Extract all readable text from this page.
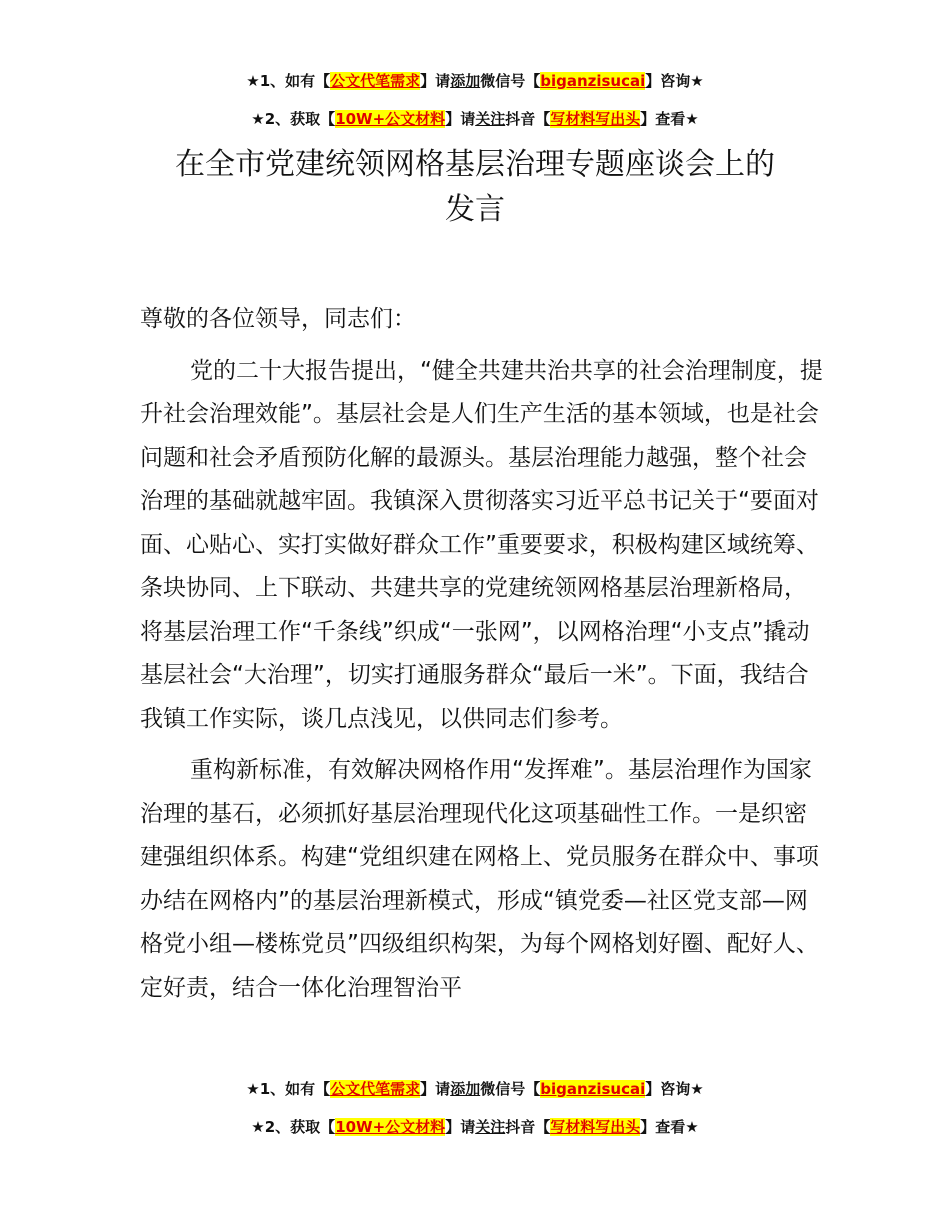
★1、如有【公文代笔需求】请添加微信号【biganzisucai】咨询★
★2、获取【10W+公文材料】请关注抖音【写材料写出头】查看★
在全市党建统领网格基层治理专题座谈会上的
发言

尊敬的各位领导，同志们：

党的二十大报告提出，“健全共建共治共享的社会治理制度，提升社会治理效能”。基层社会是人们生产生活的基本领域，也是社会问题和社会矛盾预防化解的最源头。基层治理能力越强，整个社会治理的基础就越牢固。我镇深入贯彻落实习近平总书记关于“要面对面、心贴心、实打实做好群众工作”重要要求，积极构建区域统筹、条块协同、上下联动、共建共享的党建统领网格基层治理新格局，将基层治理工作“千条线”织成“一张网”，以网格治理“小支点”撬动基层社会“大治理”，切实打通服务群众“最后一米”。下面，我结合我镇工作实际，谈几点浅见，以供同志们参考。

重构新标准，有效解决网格作用“发挥难”。基层治理作为国家治理的基石，必须抓好基层治理现代化这项基础性工作。一是织密建强组织体系。构建“党组织建在网格上、党员服务在群众中、事项办结在网格内”的基层治理新模式，形成“镇党委—社区党支部—网格党小组—楼栋党员”四级组织构架，为每个网格划好圈、配好人、定好责，结合一体化治理智治平

★1、如有【公文代笔需求】请添加微信号【biganzisucai】咨询★
★2、获取【10W+公文材料】请关注抖音【写材料写出头】查看★
